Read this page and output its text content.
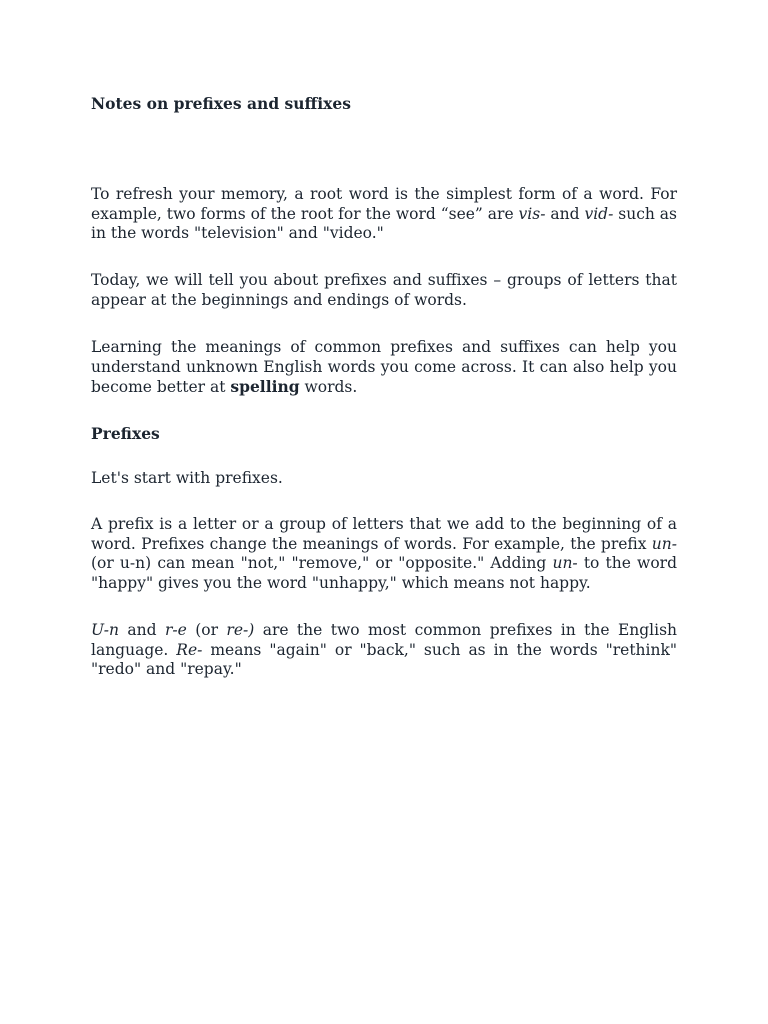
Notes on prefixes and suffixes

To refresh your memory, a root word is the simplest form of a word. For example, two forms of the root for the word “see” are vis- and vid- such as in the words "television" and "video."

Today, we will tell you about prefixes and suffixes – groups of letters that appear at the beginnings and endings of words.

Learning the meanings of common prefixes and suffixes can help you understand unknown English words you come across. It can also help you become better at spelling words.

Prefixes

Let's start with prefixes.

A prefix is a letter or a group of letters that we add to the beginning of a word. Prefixes change the meanings of words. For example, the prefix un- (or u-n) can mean "not," "remove," or "opposite." Adding un- to the word "happy" gives you the word "unhappy," which means not happy.

U-n and r-e (or re-) are the two most common prefixes in the English language. Re- means "again" or "back," such as in the words "rethink" "redo" and "repay."
